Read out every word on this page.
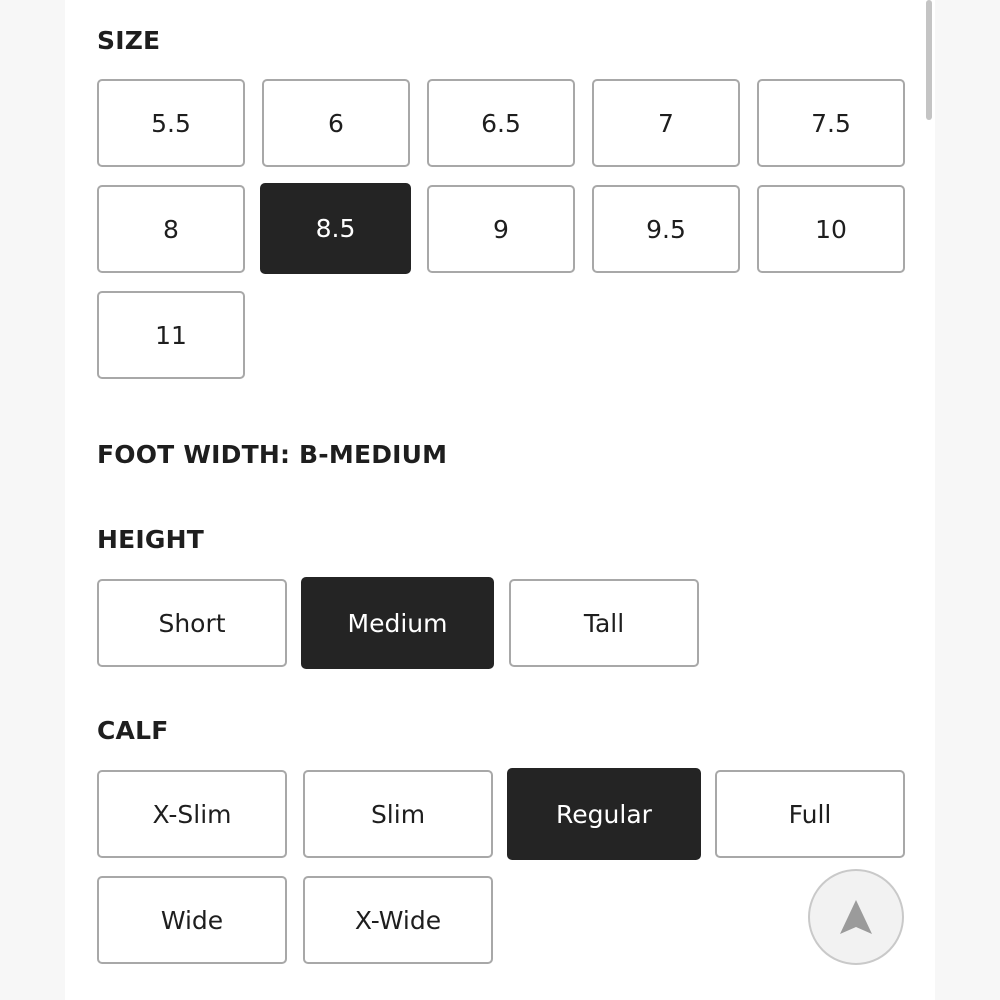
SIZE
5.5	6	6.5	7	7.5
8	8.5	9	9.5	10
11
FOOT WIDTH: B-MEDIUM
HEIGHT
Short	Medium	Tall
CALF
X-Slim	Slim	Regular	Full
Wide	X-Wide
